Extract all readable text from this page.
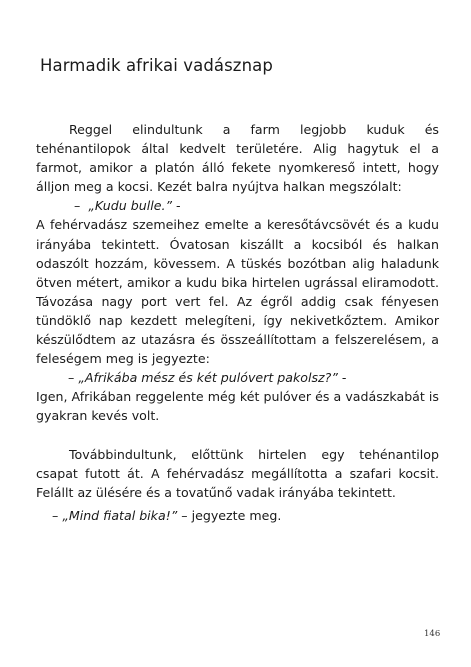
Harmadik afrikai vadásznap

Reggel elindultunk a farm legjobb kuduk és tehénantilopok által kedvelt területére. Alig hagytuk el a farmot, amikor a platón álló fekete nyomkereső intett, hogy álljon meg a kocsi. Kezét balra nyújtva halkan megszólalt:

– „Kudu bulle.” -

A fehérvadász szemeihez emelte a keresőtávcsövét és a kudu irányába tekintett. Óvatosan kiszállt a kocsiból és halkan odaszólt hozzám, kövessem. A tüskés bozótban alig haladunk ötven métert, amikor a kudu bika hirtelen ugrással eliramodott. Távozása nagy port vert fel. Az égről addig csak fényesen tündöklő nap kezdett melegíteni, így nekivetkőztem. Amikor készülődtem az utazásra és összeállítottam a felszerelésem, a feleségem meg is jegyezte:

– „Afrikába mész és két pulóvert pakolsz?” -

Igen, Afrikában reggelente még két pulóver és a vadászkabát is gyakran kevés volt.

Továbbindultunk, előttünk hirtelen egy tehénantilop csapat futott át. A fehérvadász megállította a szafari kocsit. Felállt az ülésére és a tovatűnő vadak irányába tekintett.

– „Mind fiatal bika!” – jegyezte meg.

146
